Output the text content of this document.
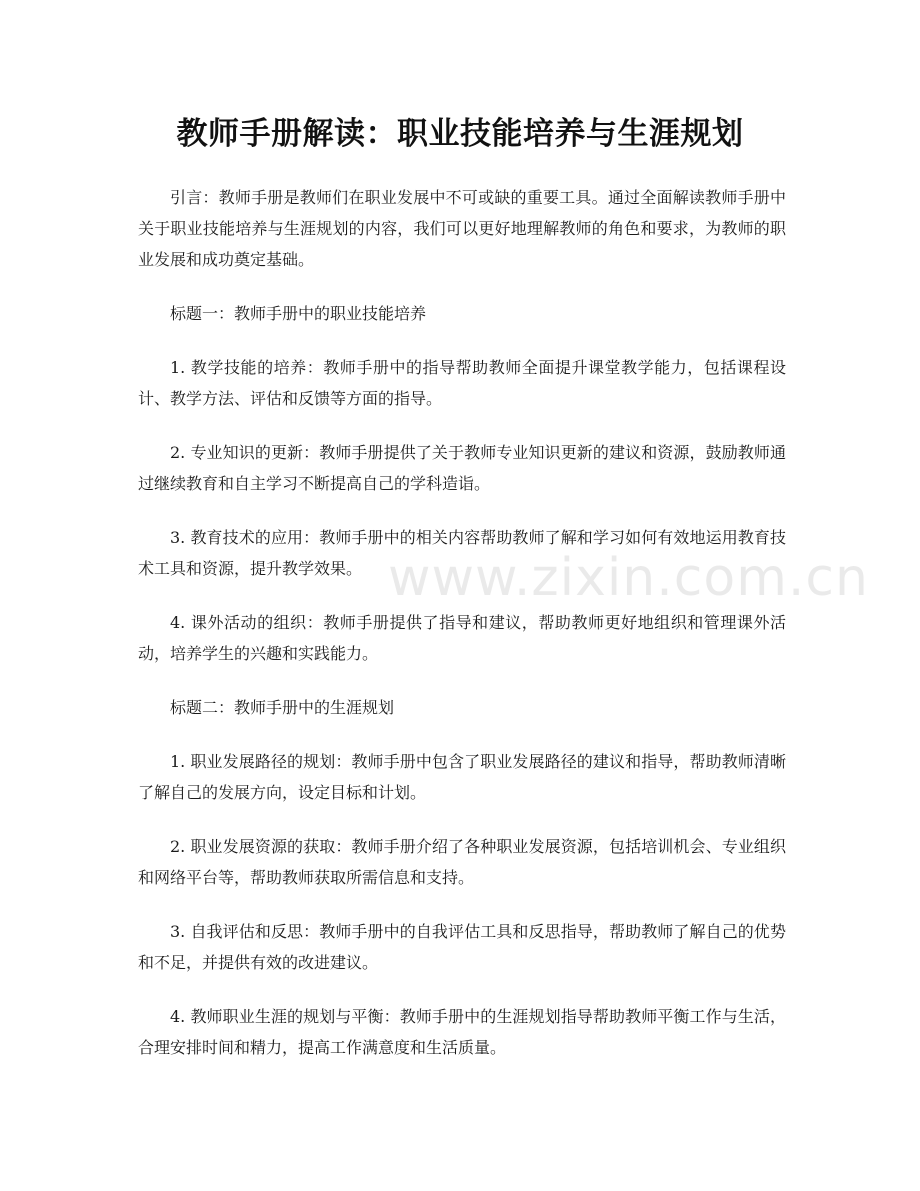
教师手册解读：职业技能培养与生涯规划

引言：教师手册是教师们在职业发展中不可或缺的重要工具。通过全面解读教师手册中关于职业技能培养与生涯规划的内容，我们可以更好地理解教师的角色和要求，为教师的职业发展和成功奠定基础。

标题一：教师手册中的职业技能培养

1. 教学技能的培养：教师手册中的指导帮助教师全面提升课堂教学能力，包括课程设计、教学方法、评估和反馈等方面的指导。

2. 专业知识的更新：教师手册提供了关于教师专业知识更新的建议和资源，鼓励教师通过继续教育和自主学习不断提高自己的学科造诣。

3. 教育技术的应用：教师手册中的相关内容帮助教师了解和学习如何有效地运用教育技术工具和资源，提升教学效果。

4. 课外活动的组织：教师手册提供了指导和建议，帮助教师更好地组织和管理课外活动，培养学生的兴趣和实践能力。

标题二：教师手册中的生涯规划

1. 职业发展路径的规划：教师手册中包含了职业发展路径的建议和指导，帮助教师清晰了解自己的发展方向，设定目标和计划。

2. 职业发展资源的获取：教师手册介绍了各种职业发展资源，包括培训机会、专业组织和网络平台等，帮助教师获取所需信息和支持。

3. 自我评估和反思：教师手册中的自我评估工具和反思指导，帮助教师了解自己的优势和不足，并提供有效的改进建议。

4. 教师职业生涯的规划与平衡：教师手册中的生涯规划指导帮助教师平衡工作与生活，合理安排时间和精力，提高工作满意度和生活质量。

www.zixin.com.cn
